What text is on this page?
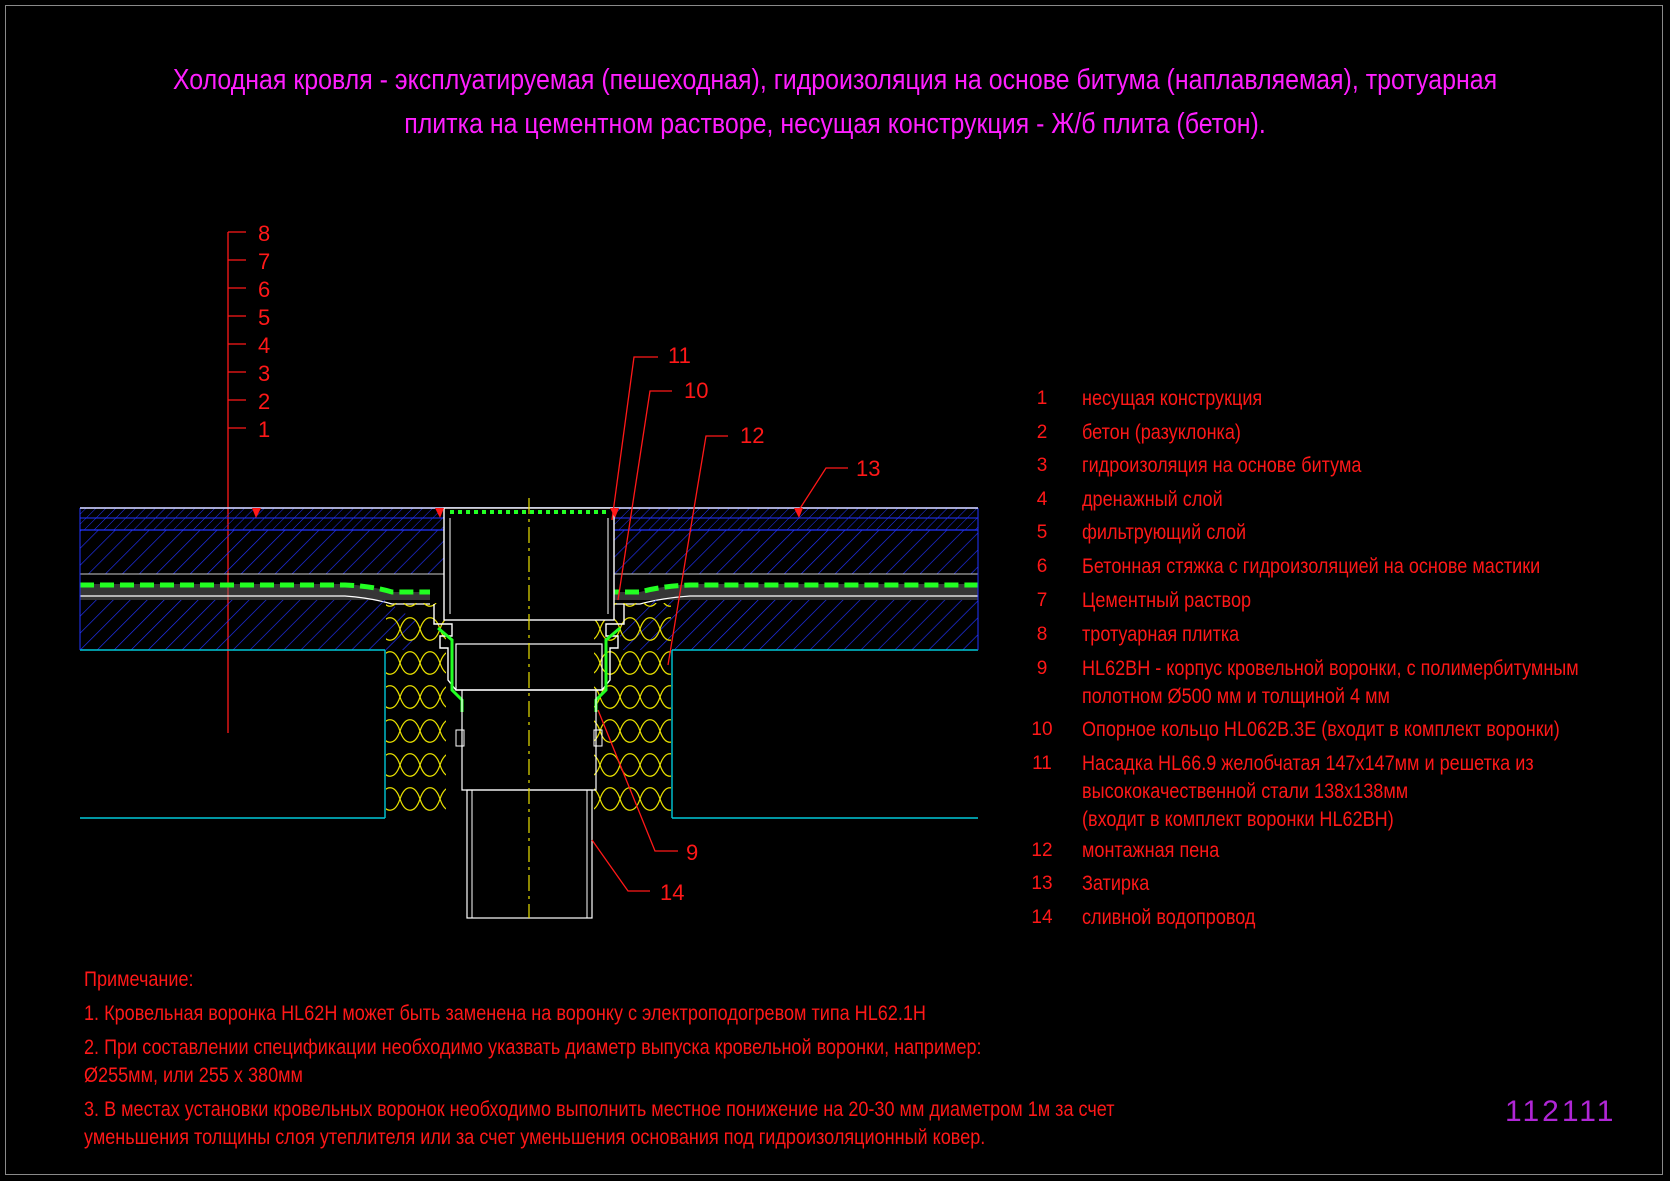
Холодная кровля - эксплуатируемая (пешеходная), гидроизоляция на основе битума (наплавляемая), тротуарная
плитка на цементном растворе, несущая конструкция - Ж/б плита (бетон).
8
7
6
5
4
3
2
1
11
10
12
13
9
14
1	несущая конструкция
2	бетон (разуклонка)
3	гидроизоляция на основе битума
4	дренажный слой
5	фильтрующий слой
6	Бетонная стяжка с гидроизоляцией на основе мастики
7	Цементный раствор
8	тротуарная плитка
9	HL62BH - корпус кровельной воронки, с полимербитумным
полотном Ø500 мм и толщиной 4 мм
10	Опорное кольцо HL062B.3E (входит в комплект воронки)
11	Насадка HL66.9 желобчатая 147х147мм и решетка из
высококачественной стали 138х138мм
(входит в комплект воронки HL62BH)
12	монтажная пена
13	Затирка
14	сливной водопровод
Примечание:
1. Кровельная воронка HL62H может быть заменена на воронку с электроподогревом типа HL62.1H
2. При составлении спецификации необходимо указвать диаметр выпуска кровельной воронки, например:
Ø255мм, или 255 х 380мм
3. В местах установки кровельных воронок необходимо выполнить местное понижение на 20-30 мм диаметром 1м за счет
уменьшения толщины слоя утеплителя или за счет уменьшения основания под гидроизоляционный ковер.
112111
